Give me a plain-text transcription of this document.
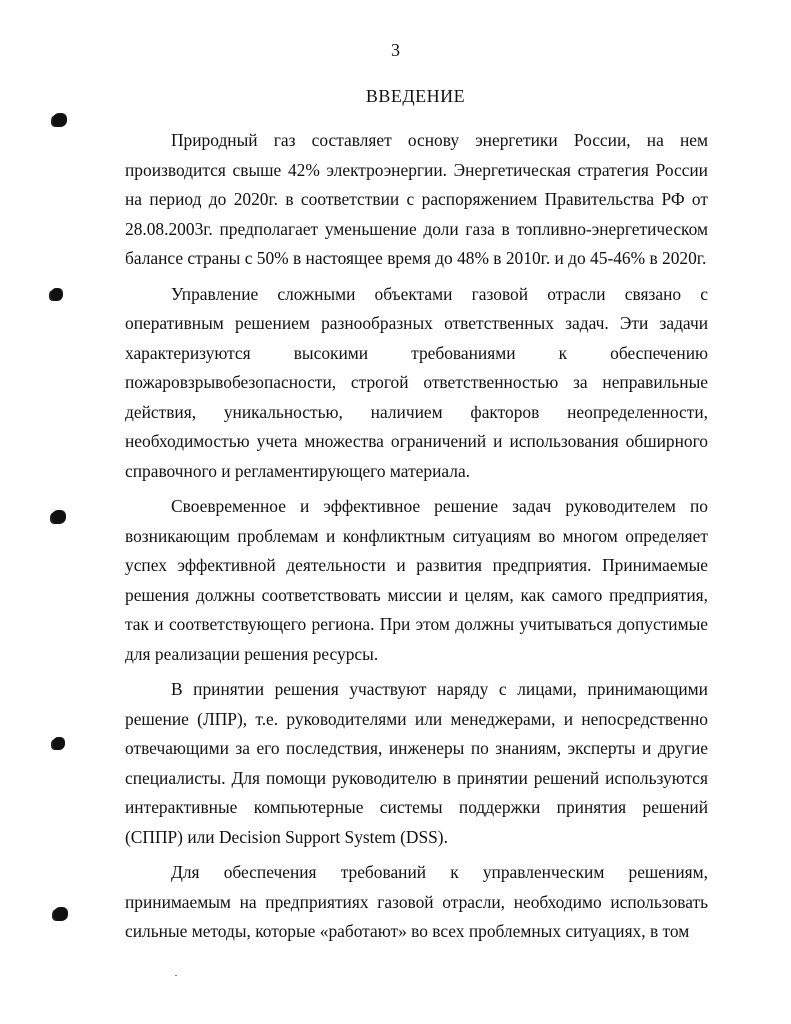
3
ВВЕДЕНИЕ

Природный газ составляет основу энергетики России, на нем производится свыше 42% электроэнергии. Энергетическая стратегия России на период до 2020г. в соответствии с распоряжением Правительства РФ от 28.08.2003г. предполагает уменьшение доли газа в топливно-энергетическом балансе страны с 50% в настоящее время до 48% в 2010г. и до 45-46% в 2020г.

Управление сложными объектами газовой отрасли связано с оперативным решением разнообразных ответственных задач. Эти задачи характеризуются высокими требованиями к обеспечению пожаровзрывобезопасности, строгой ответственностью за неправильные действия, уникальностью, наличием факторов неопределенности, необходимостью учета множества ограничений и использования обширного справочного и регламентирующего материала.

Своевременное и эффективное решение задач руководителем по возникающим проблемам и конфликтным ситуациям во многом определяет успех эффективной деятельности и развития предприятия. Принимаемые решения должны соответствовать миссии и целям, как самого предприятия, так и соответствующего региона. При этом должны учитываться допустимые для реализации решения ресурсы.

В принятии решения участвуют наряду с лицами, принимающими решение (ЛПР), т.е. руководителями или менеджерами, и непосредственно отвечающими за его последствия, инженеры по знаниям, эксперты и другие специалисты. Для помощи руководителю в принятии решений используются интерактивные компьютерные системы поддержки принятия решений (СППР) или Decision Support System (DSS).

Для обеспечения требований к управленческим решениям, принимаемым на предприятиях газовой отрасли, необходимо использовать сильные методы, которые «работают» во всех проблемных ситуациях, в том
